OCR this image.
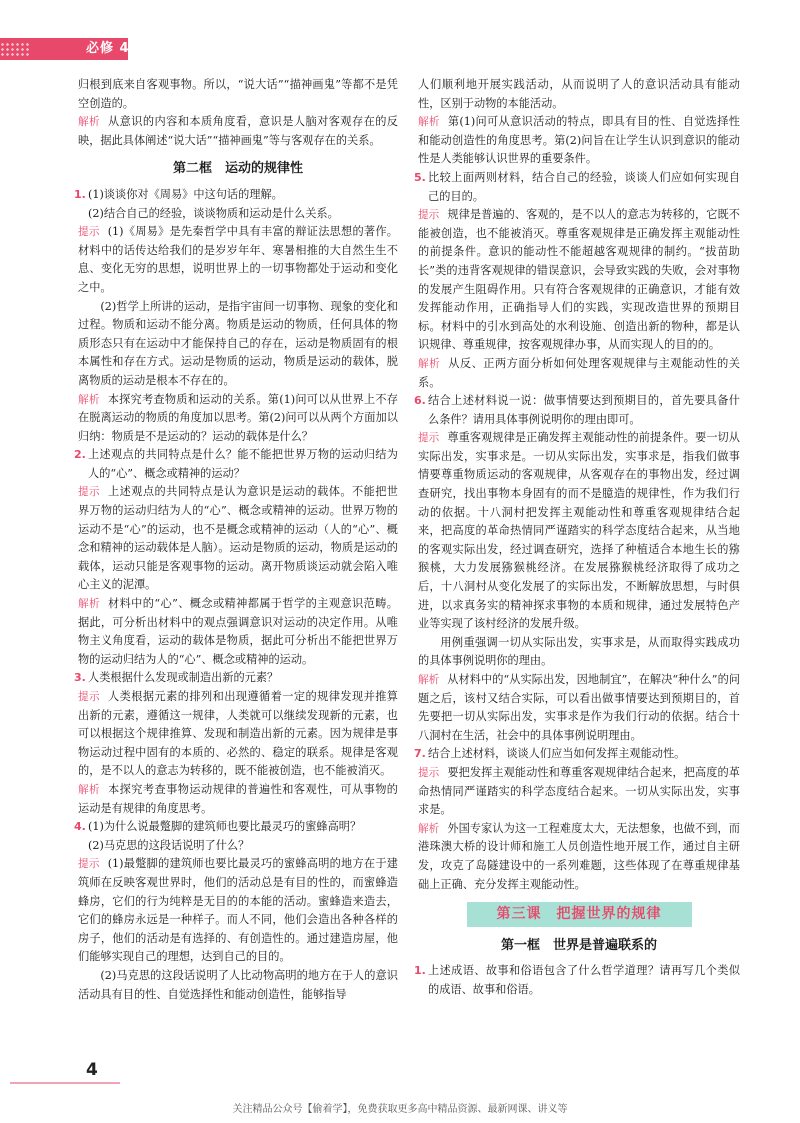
必修 4

归根到底来自客观事物。所以，“说大话”“描神画鬼”等都不是凭空创造的。

解析 从意识的内容和本质角度看，意识是人脑对客观存在的反映，据此具体阐述“说大话”“描神画鬼”等与客观存在的关系。

第二框　运动的规律性

1. (1)谈谈你对《周易》中这句话的理解。

(2)结合自己的经验，谈谈物质和运动是什么关系。

提示 (1)《周易》是先秦哲学中具有丰富的辩证法思想的著作。材料中的话传达给我们的是岁岁年年、寒暑相推的大自然生生不息、变化无穷的思想，说明世界上的一切事物都处于运动和变化之中。

(2)哲学上所讲的运动，是指宇宙间一切事物、现象的变化和过程。物质和运动不能分离。物质是运动的物质，任何具体的物质形态只有在运动中才能保持自己的存在，运动是物质固有的根本属性和存在方式。运动是物质的运动，物质是运动的载体，脱离物质的运动是根本不存在的。

解析 本探究考查物质和运动的关系。第(1)问可以从世界上不存在脱离运动的物质的角度加以思考。第(2)问可以从两个方面加以归纳：物质是不是运动的？运动的载体是什么？

2. 上述观点的共同特点是什么？能不能把世界万物的运动归结为人的“心”、概念或精神的运动？

提示 上述观点的共同特点是认为意识是运动的载体。不能把世界万物的运动归结为人的“心”、概念或精神的运动。世界万物的运动不是“心”的运动，也不是概念或精神的运动（人的“心”、概念和精神的运动载体是人脑）。运动是物质的运动，物质是运动的载体，运动只能是客观事物的运动。离开物质谈运动就会陷入唯心主义的泥潭。

解析 材料中的“心”、概念或精神都属于哲学的主观意识范畴。据此，可分析出材料中的观点强调意识对运动的决定作用。从唯物主义角度看，运动的载体是物质，据此可分析出不能把世界万物的运动归结为人的“心”、概念或精神的运动。

3. 人类根据什么发现或制造出新的元素？

提示 人类根据元素的排列和出现遵循着一定的规律发现并推算出新的元素，遵循这一规律，人类就可以继续发现新的元素，也可以根据这个规律推算、发现和制造出新的元素。因为规律是事物运动过程中固有的本质的、必然的、稳定的联系。规律是客观的，是不以人的意志为转移的，既不能被创造，也不能被消灭。

解析 本探究考查事物运动规律的普遍性和客观性，可从事物的运动是有规律的角度思考。

4. (1)为什么说最蹩脚的建筑师也要比最灵巧的蜜蜂高明？

(2)马克思的这段话说明了什么？

提示 (1)最蹩脚的建筑师也要比最灵巧的蜜蜂高明的地方在于建筑师在反映客观世界时，他们的活动总是有目的性的，而蜜蜂造蜂房，它们的行为纯粹是无目的的本能的活动。蜜蜂造来造去，它们的蜂房永远是一种样子。而人不同，他们会造出各种各样的房子，他们的活动是有选择的、有创造性的。通过建造房屋，他们能够实现自己的理想，达到自己的目的。

(2)马克思的这段话说明了人比动物高明的地方在于人的意识活动具有目的性、自觉选择性和能动创造性，能够指导

人们顺利地开展实践活动，从而说明了人的意识活动具有能动性，区别于动物的本能活动。

解析 第(1)问可从意识活动的特点，即具有目的性、自觉选择性和能动创造性的角度思考。第(2)问旨在让学生认识到意识的能动性是人类能够认识世界的重要条件。

5. 比较上面两则材料，结合自己的经验，谈谈人们应如何实现自己的目的。

提示 规律是普遍的、客观的，是不以人的意志为转移的，它既不能被创造，也不能被消灭。尊重客观规律是正确发挥主观能动性的前提条件。意识的能动性不能超越客观规律的制约。“拔苗助长”类的违背客观规律的错误意识，会导致实践的失败，会对事物的发展产生阻碍作用。只有符合客观规律的正确意识，才能有效发挥能动作用，正确指导人们的实践，实现改造世界的预期目标。材料中的引水到高处的水利设施、创造出新的物种，都是认识规律、尊重规律，按客观规律办事，从而实现人的目的的。

解析 从反、正两方面分析如何处理客观规律与主观能动性的关系。

6. 结合上述材料说一说：做事情要达到预期目的，首先要具备什么条件？请用具体事例说明你的理由即可。

提示 尊重客观规律是正确发挥主观能动性的前提条件。要一切从实际出发，实事求是。一切从实际出发，实事求是，指我们做事情要尊重物质运动的客观规律，从客观存在的事物出发，经过调查研究，找出事物本身固有的而不是臆造的规律性，作为我们行动的依据。十八洞村把发挥主观能动性和尊重客观规律结合起来，把高度的革命热情同严谨踏实的科学态度结合起来，从当地的客观实际出发，经过调查研究，选择了种植适合本地生长的猕猴桃，大力发展猕猴桃经济。在发展猕猴桃经济取得了成功之后，十八洞村从变化发展了的实际出发，不断解放思想，与时俱进，以求真务实的精神探求事物的本质和规律，通过发展特色产业等实现了该村经济的发展升级。

用例重强调一切从实际出发，实事求是，从而取得实践成功的具体事例说明你的理由。

解析 从材料中的“从实际出发，因地制宜”，在解决“种什么”的问题之后，该村又结合实际，可以看出做事情要达到预期目的，首先要把一切从实际出发，实事求是作为我们行动的依据。结合十八洞村在生活，社会中的具体事例说明理由。

7. 结合上述材料，谈谈人们应当如何发挥主观能动性。

提示 要把发挥主观能动性和尊重客观规律结合起来，把高度的革命热情同严谨踏实的科学态度结合起来。一切从实际出发，实事求是。

解析 外国专家认为这一工程难度太大，无法想象，也做不到，而港珠澳大桥的设计师和施工人员创造性地开展工作，通过自主研发，攻克了岛隧建设中的一系列难题，这些体现了在尊重规律基础上正确、充分发挥主观能动性。

第三课　把握世界的规律
第一框　世界是普遍联系的

1. 上述成语、故事和俗语包含了什么哲学道理？请再写几个类似的成语、故事和俗语。

4
关注精品公众号【偷着学】，免费获取更多高中精品资源、最新网课、讲义等
